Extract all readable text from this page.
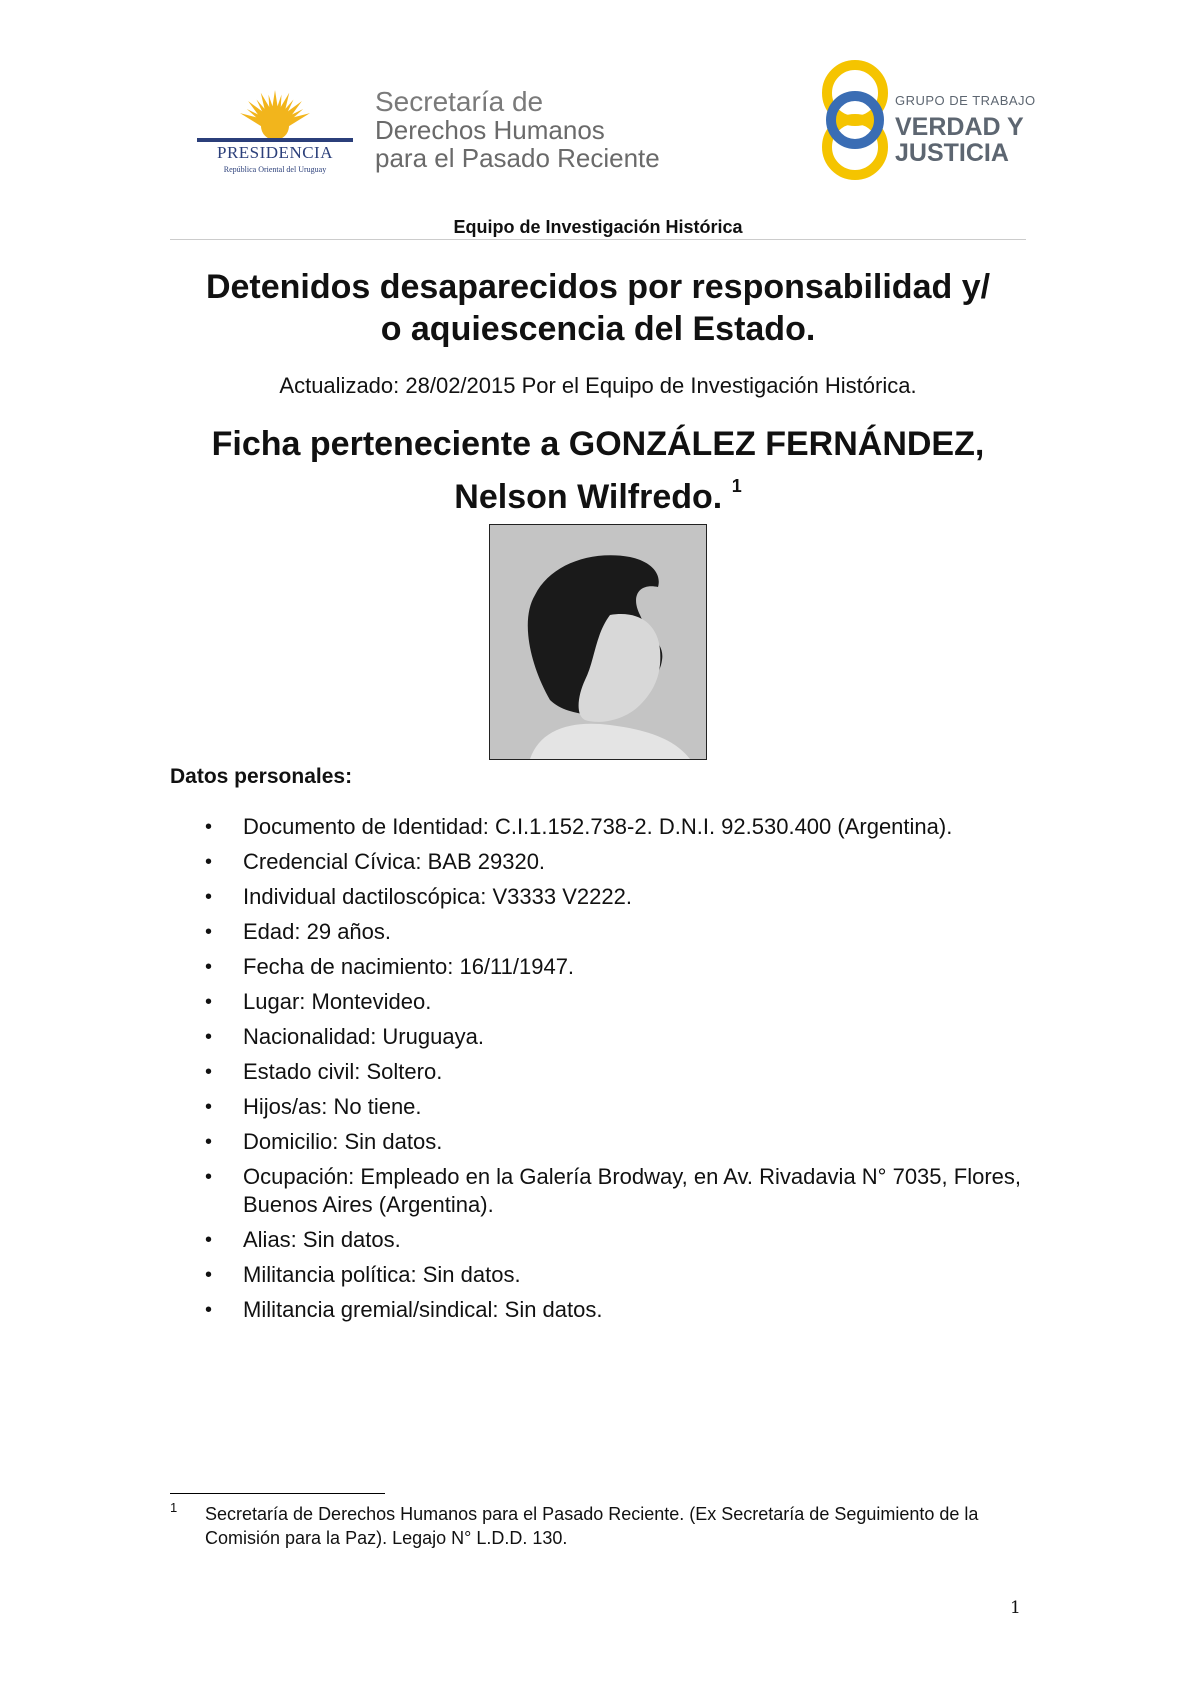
PRESIDENCIA
República Oriental del Uruguay
Secretaría de
Derechos Humanos
para el Pasado Reciente
GRUPO DE TRABAJO
VERDAD Y
JUSTICIA
Equipo de Investigación Histórica
Detenidos desaparecidos por responsabilidad y/
o aquiescencia del Estado.
Actualizado: 28/02/2015 Por el Equipo de Investigación Histórica.
Ficha perteneciente a GONZÁLEZ FERNÁNDEZ,
Nelson Wilfredo. $^1$
Datos personales:
• Documento de Identidad: C.I.1.152.738-2. D.N.I. 92.530.400 (Argentina).
• Credencial Cívica: BAB 29320.
• Individual dactiloscópica: V3333 V2222.
• Edad: 29 años.
• Fecha de nacimiento: 16/11/1947.
• Lugar: Montevideo.
• Nacionalidad: Uruguaya.
• Estado civil: Soltero.
• Hijos/as: No tiene.
• Domicilio: Sin datos.
• Ocupación: Empleado en la Galería Brodway, en Av. Rivadavia N° 7035, Flores, Buenos Aires (Argentina).
• Alias: Sin datos.
• Militancia política: Sin datos.
• Militancia gremial/sindical: Sin datos.
1 Secretaría de Derechos Humanos para el Pasado Reciente. (Ex Secretaría de Seguimiento de la Comisión para la Paz). Legajo N° L.D.D. 130.
1
